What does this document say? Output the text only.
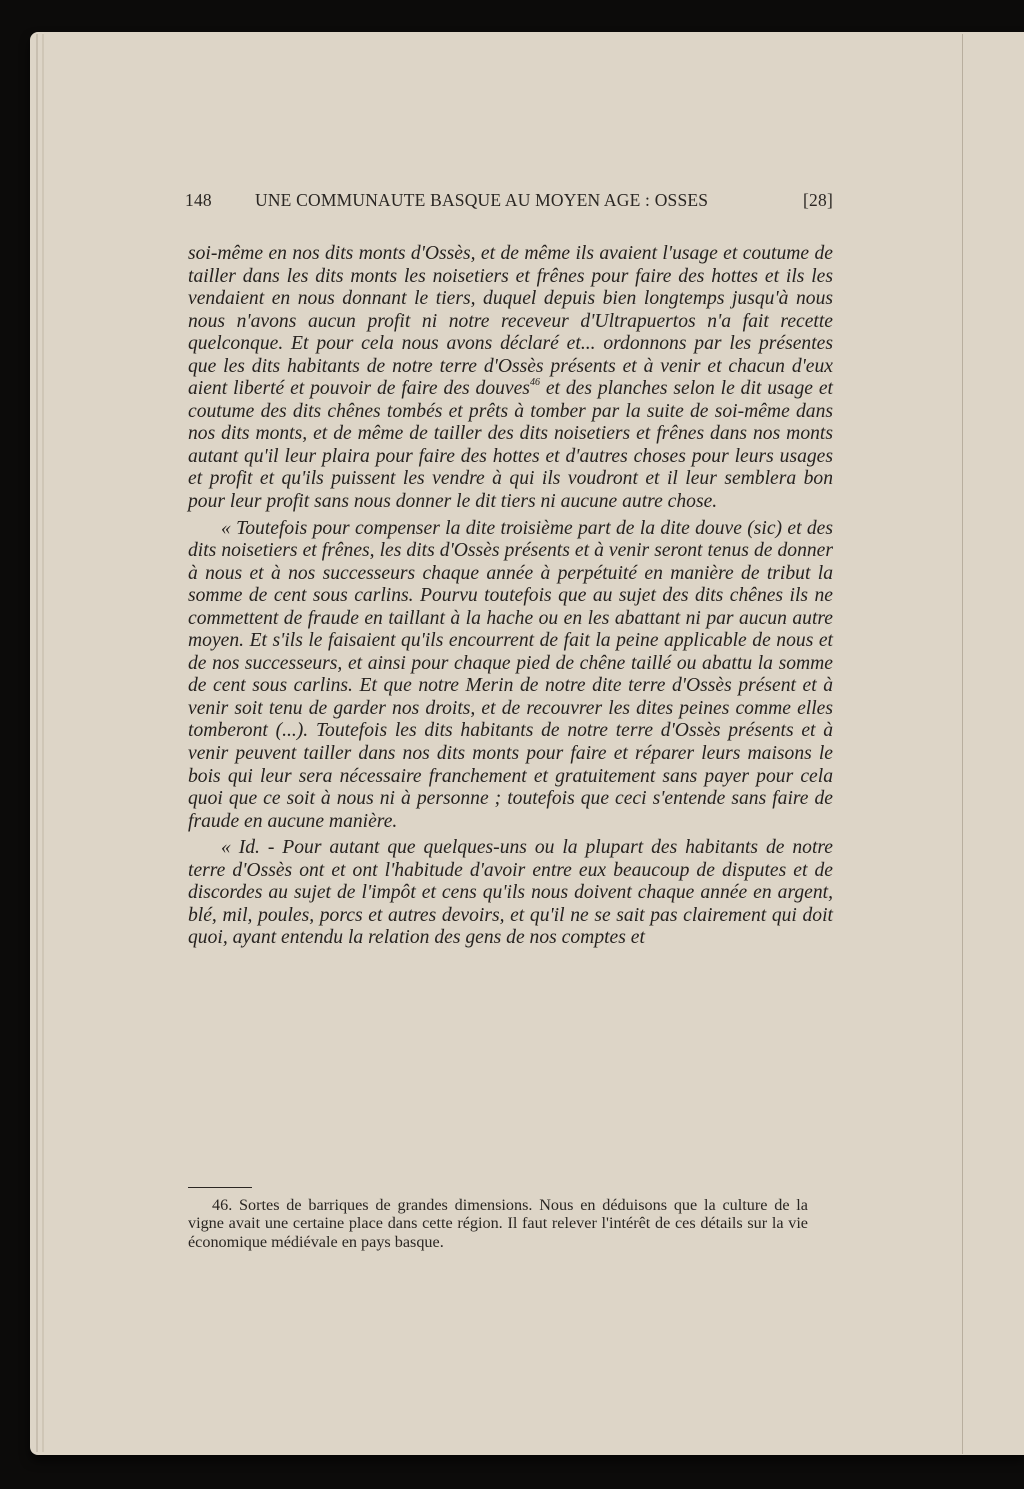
148 UNE COMMUNAUTE BASQUE AU MOYEN AGE : OSSES	[28]

soi-même en nos dits monts d'Ossès, et de même ils avaient l'usage et coutume de tailler dans les dits monts les noisetiers et frênes pour faire des hottes et ils les vendaient en nous donnant le tiers, duquel depuis bien longtemps jusqu'à nous nous n'avons aucun profit ni notre receveur d'Ultrapuertos n'a fait recette quelconque. Et pour cela nous avons déclaré et... ordonnons par les présentes que les dits habitants de notre terre d'Ossès présents et à venir et chacun d'eux aient liberté et pouvoir de faire des douves$^{46}$ et des planches selon le dit usage et coutume des dits chênes tombés et prêts à tomber par la suite de soi-même dans nos dits monts, et de même de tailler des dits noisetiers et frênes dans nos monts autant qu'il leur plaira pour faire des hottes et d'autres choses pour leurs usages et profit et qu'ils puissent les vendre à qui ils voudront et il leur semblera bon pour leur profit sans nous donner le dit tiers ni aucune autre chose.

« Toutefois pour compenser la dite troisième part de la dite douve (sic) et des dits noisetiers et frênes, les dits d'Ossès présents et à venir seront tenus de donner à nous et à nos successeurs chaque année à perpétuité en manière de tribut la somme de cent sous carlins. Pourvu toutefois que au sujet des dits chênes ils ne commettent de fraude en taillant à la hache ou en les abattant ni par aucun autre moyen. Et s'ils le faisaient qu'ils encourrent de fait la peine applicable de nous et de nos successeurs, et ainsi pour chaque pied de chêne taillé ou abattu la somme de cent sous carlins. Et que notre Merin de notre dite terre d'Ossès présent et à venir soit tenu de garder nos droits, et de recouvrer les dites peines comme elles tomberont (...). Toutefois les dits habitants de notre terre d'Ossès présents et à venir peuvent tailler dans nos dits monts pour faire et réparer leurs maisons le bois qui leur sera nécessaire franchement et gratuitement sans payer pour cela quoi que ce soit à nous ni à personne ; toutefois que ceci s'entende sans faire de fraude en aucune manière.

« Id. - Pour autant que quelques-uns ou la plupart des habitants de notre terre d'Ossès ont et ont l'habitude d'avoir entre eux beaucoup de disputes et de discordes au sujet de l'impôt et cens qu'ils nous doivent chaque année en argent, blé, mil, poules, porcs et autres devoirs, et qu'il ne se sait pas clairement qui doit quoi, ayant entendu la relation des gens de nos comptes et

46. Sortes de barriques de grandes dimensions. Nous en déduisons que la culture de la vigne avait une certaine place dans cette région. Il faut relever l'intérêt de ces détails sur la vie économique médiévale en pays basque.
